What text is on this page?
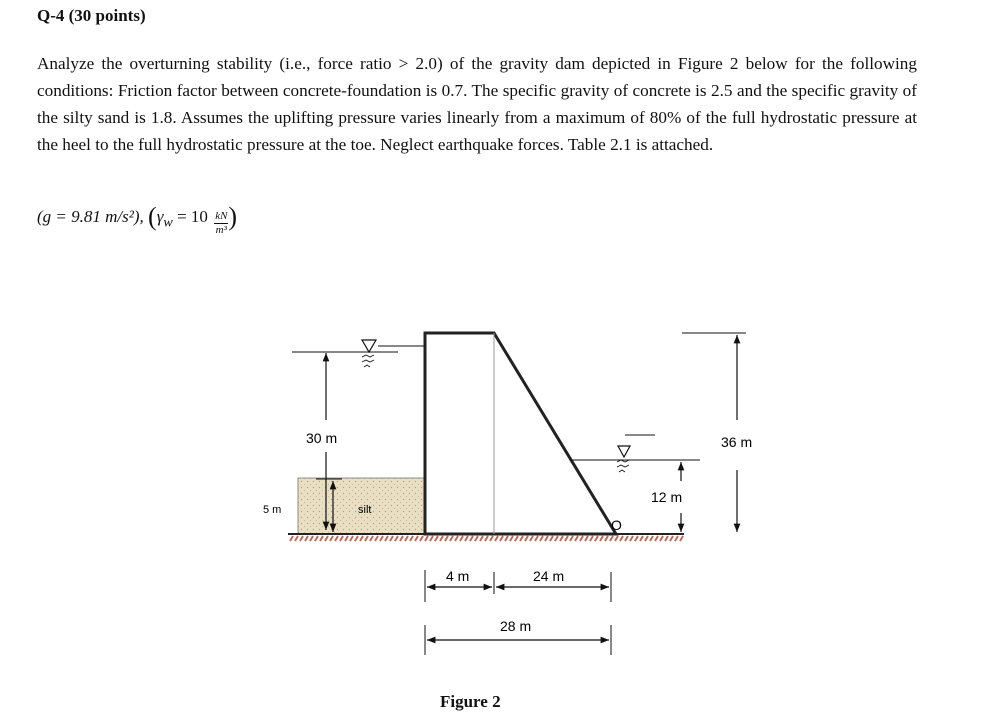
Q-4 (30 points)

Analyze the overturning stability (i.e., force ratio > 2.0) of the gravity dam depicted in Figure 2 below for the following conditions: Friction factor between concrete-foundation is 0.7. The specific gravity of concrete is 2.5 and the specific gravity of the silty sand is 1.8. Assumes the uplifting pressure varies linearly from a maximum of 80% of the full hydrostatic pressure at the heel to the full hydrostatic pressure at the toe. Neglect earthquake forces. Table 2.1 is attached.

(g = 9.81 m/s²), ($\gamma_w = 10 \frac{kN}{\text{m³}}$ )
30 m
5 m	silt
12 m
36 m
O
4 m	24 m
28 m
Figure 2
